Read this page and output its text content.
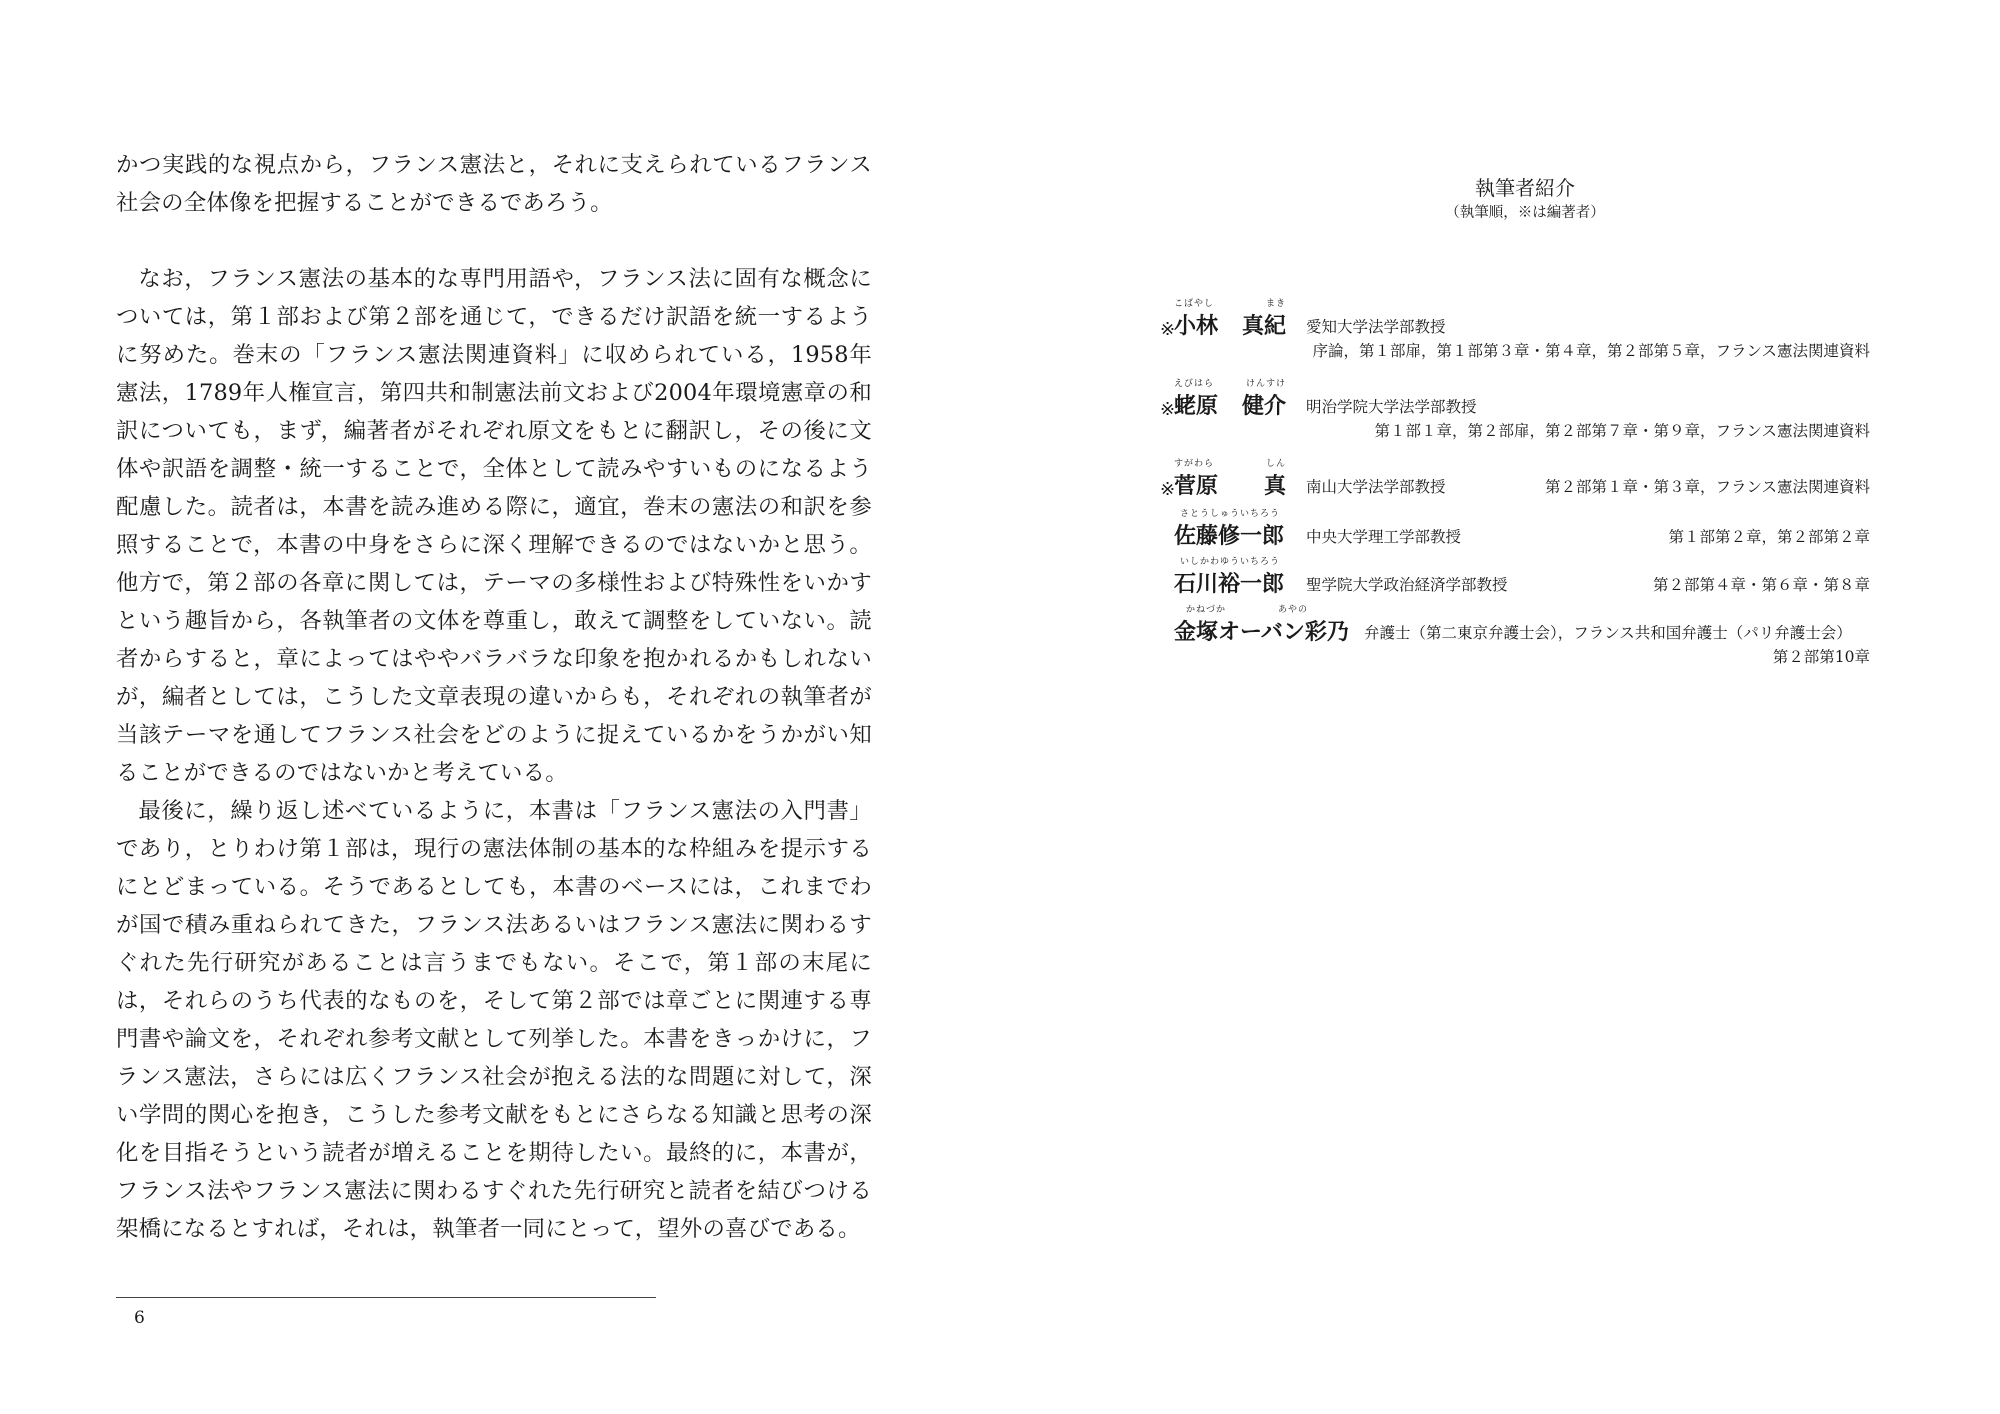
かつ実践的な視点から，フランス憲法と，それに支えられているフランス社会の全体像を把握することができるであろう。

なお，フランス憲法の基本的な専門用語や，フランス法に固有な概念については，第１部および第２部を通じて，できるだけ訳語を統一するように努めた。巻末の「フランス憲法関連資料」に収められている，1958年憲法，1789年人権宣言，第四共和制憲法前文および2004年環境憲章の和訳についても，まず，編著者がそれぞれ原文をもとに翻訳し，その後に文体や訳語を調整・統一することで，全体として読みやすいものになるよう配慮した。読者は，本書を読み進める際に，適宜，巻末の憲法の和訳を参照することで，本書の中身をさらに深く理解できるのではないかと思う。他方で，第２部の各章に関しては，テーマの多様性および特殊性をいかすという趣旨から，各執筆者の文体を尊重し，敢えて調整をしていない。読者からすると，章によってはややバラバラな印象を抱かれるかもしれないが，編者としては，こうした文章表現の違いからも，それぞれの執筆者が当該テーマを通してフランス社会をどのように捉えているかをうかがい知ることができるのではないかと考えている。

最後に，繰り返し述べているように，本書は「フランス憲法の入門書」であり，とりわけ第１部は，現行の憲法体制の基本的な枠組みを提示するにとどまっている。そうであるとしても，本書のベースには，これまでわが国で積み重ねられてきた，フランス法あるいはフランス憲法に関わるすぐれた先行研究があることは言うまでもない。そこで，第１部の末尾には，それらのうち代表的なものを，そして第２部では章ごとに関連する専門書や論文を，それぞれ参考文献として列挙した。本書をきっかけに，フランス憲法，さらには広くフランス社会が抱える法的な問題に対して，深い学問的関心を抱き，こうした参考文献をもとにさらなる知識と思考の深化を目指そうという読者が増えることを期待したい。最終的に，本書が，フランス法やフランス憲法に関わるすぐれた先行研究と読者を結びつける架橋になるとすれば，それは，執筆者一同にとって，望外の喜びである。

6
執筆者紹介
（執筆順，※は編著者）
※
こばやし	まき
小林 真紀 愛知大学法学部教授
序論，第１部扉，第１部第３章・第４章，第２部第５章，フランス憲法関連資料
※
えびはら	けんすけ
蛯原 健介 明治学院大学法学部教授
第１部１章，第２部扉，第２部第７章・第９章，フランス憲法関連資料
※
すがわら	しん
菅原 真 南山大学法学部教授	第２部第１章・第３章，フランス憲法関連資料
さとうしゅういちろう
佐藤修一郎 中央大学理工学部教授	第１部第２章，第２部第２章
いしかわゆういちろう
石川裕一郎 聖学院大学政治経済学部教授	第２部第４章・第６章・第８章
かねづか	あやの
金塚オーバン彩乃 弁護士（第二東京弁護士会），フランス共和国弁護士（パリ弁護士会）
第２部第10章
